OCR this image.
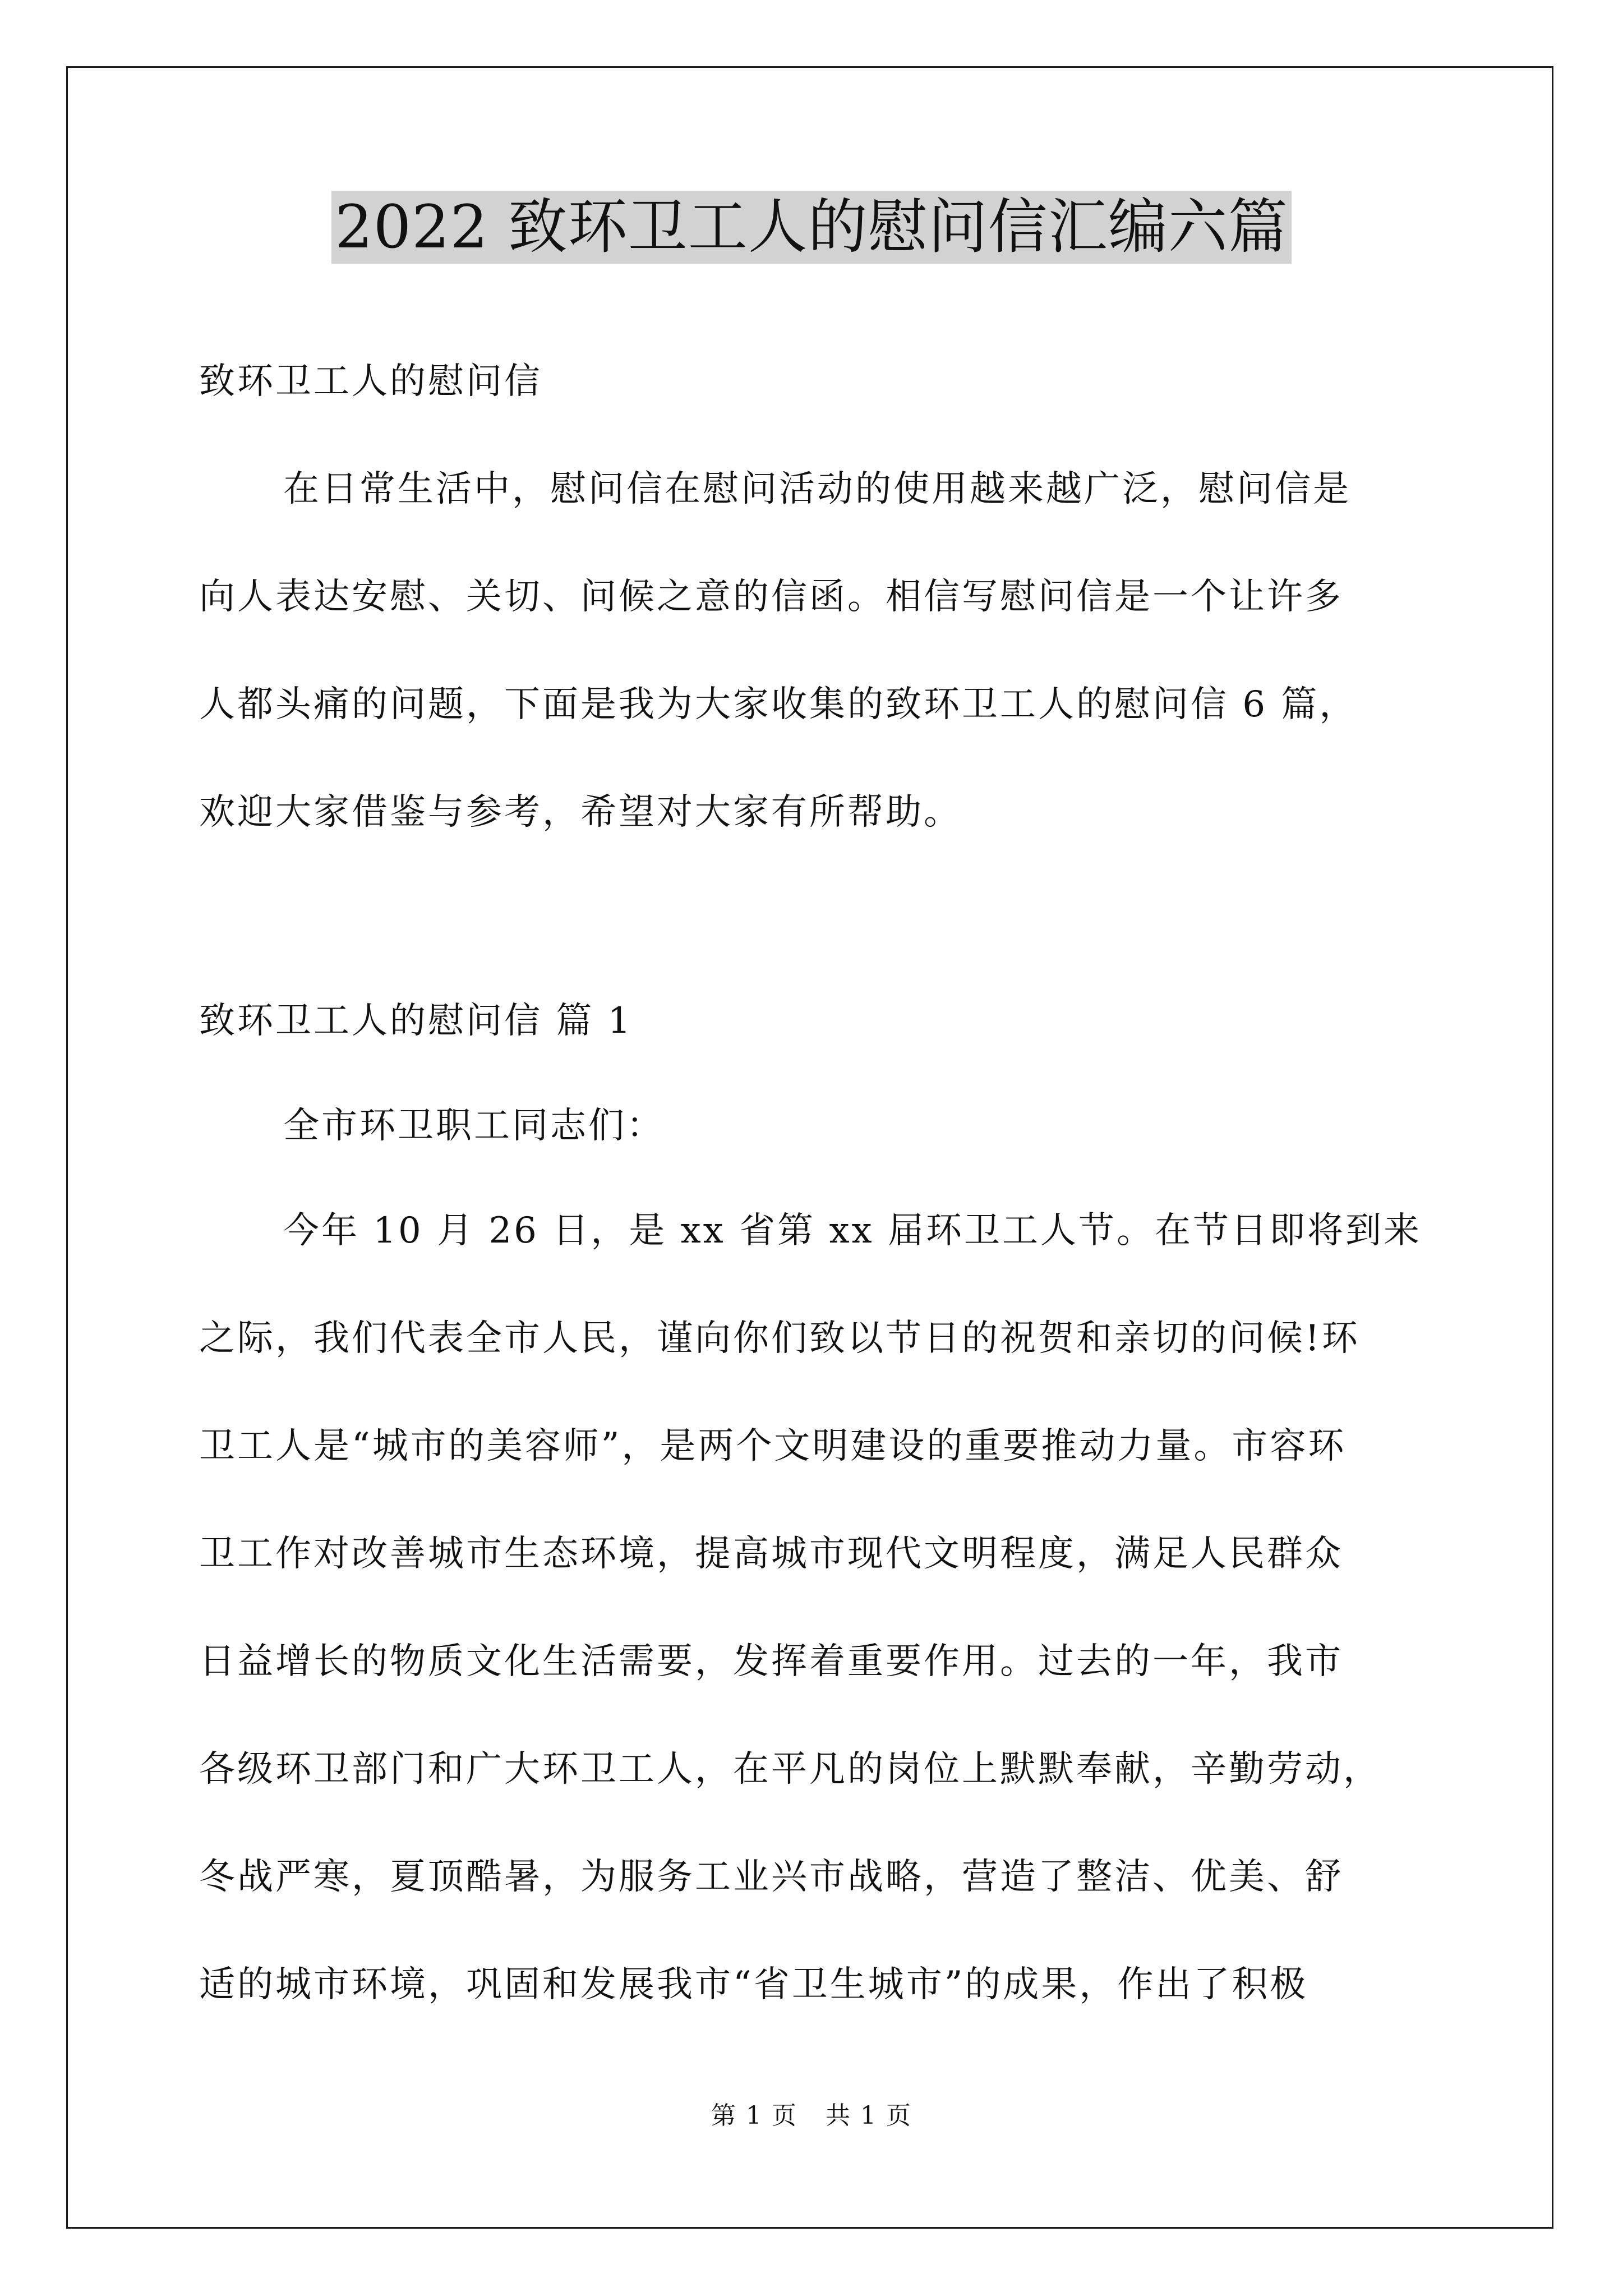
2022 致环卫工人的慰问信汇编六篇
致环卫工人的慰问信
在日常生活中，慰问信在慰问活动的使用越来越广泛，慰问信是
向人表达安慰、关切、问候之意的信函。相信写慰问信是一个让许多
人都头痛的问题，下面是我为大家收集的致环卫工人的慰问信 6 篇，
欢迎大家借鉴与参考，希望对大家有所帮助。
致环卫工人的慰问信 篇 1
全市环卫职工同志们：
今年 10 月 26 日，是 xx 省第 xx 届环卫工人节。在节日即将到来
之际，我们代表全市人民，谨向你们致以节日的祝贺和亲切的问候!环
卫工人是“城市的美容师”，是两个文明建设的重要推动力量。市容环
卫工作对改善城市生态环境，提高城市现代文明程度，满足人民群众
日益增长的物质文化生活需要，发挥着重要作用。过去的一年，我市
各级环卫部门和广大环卫工人，在平凡的岗位上默默奉献，辛勤劳动，
冬战严寒，夏顶酷暑，为服务工业兴市战略，营造了整洁、优美、舒
适的城市环境，巩固和发展我市“省卫生城市”的成果，作出了积极
第 1 页 共 1 页
